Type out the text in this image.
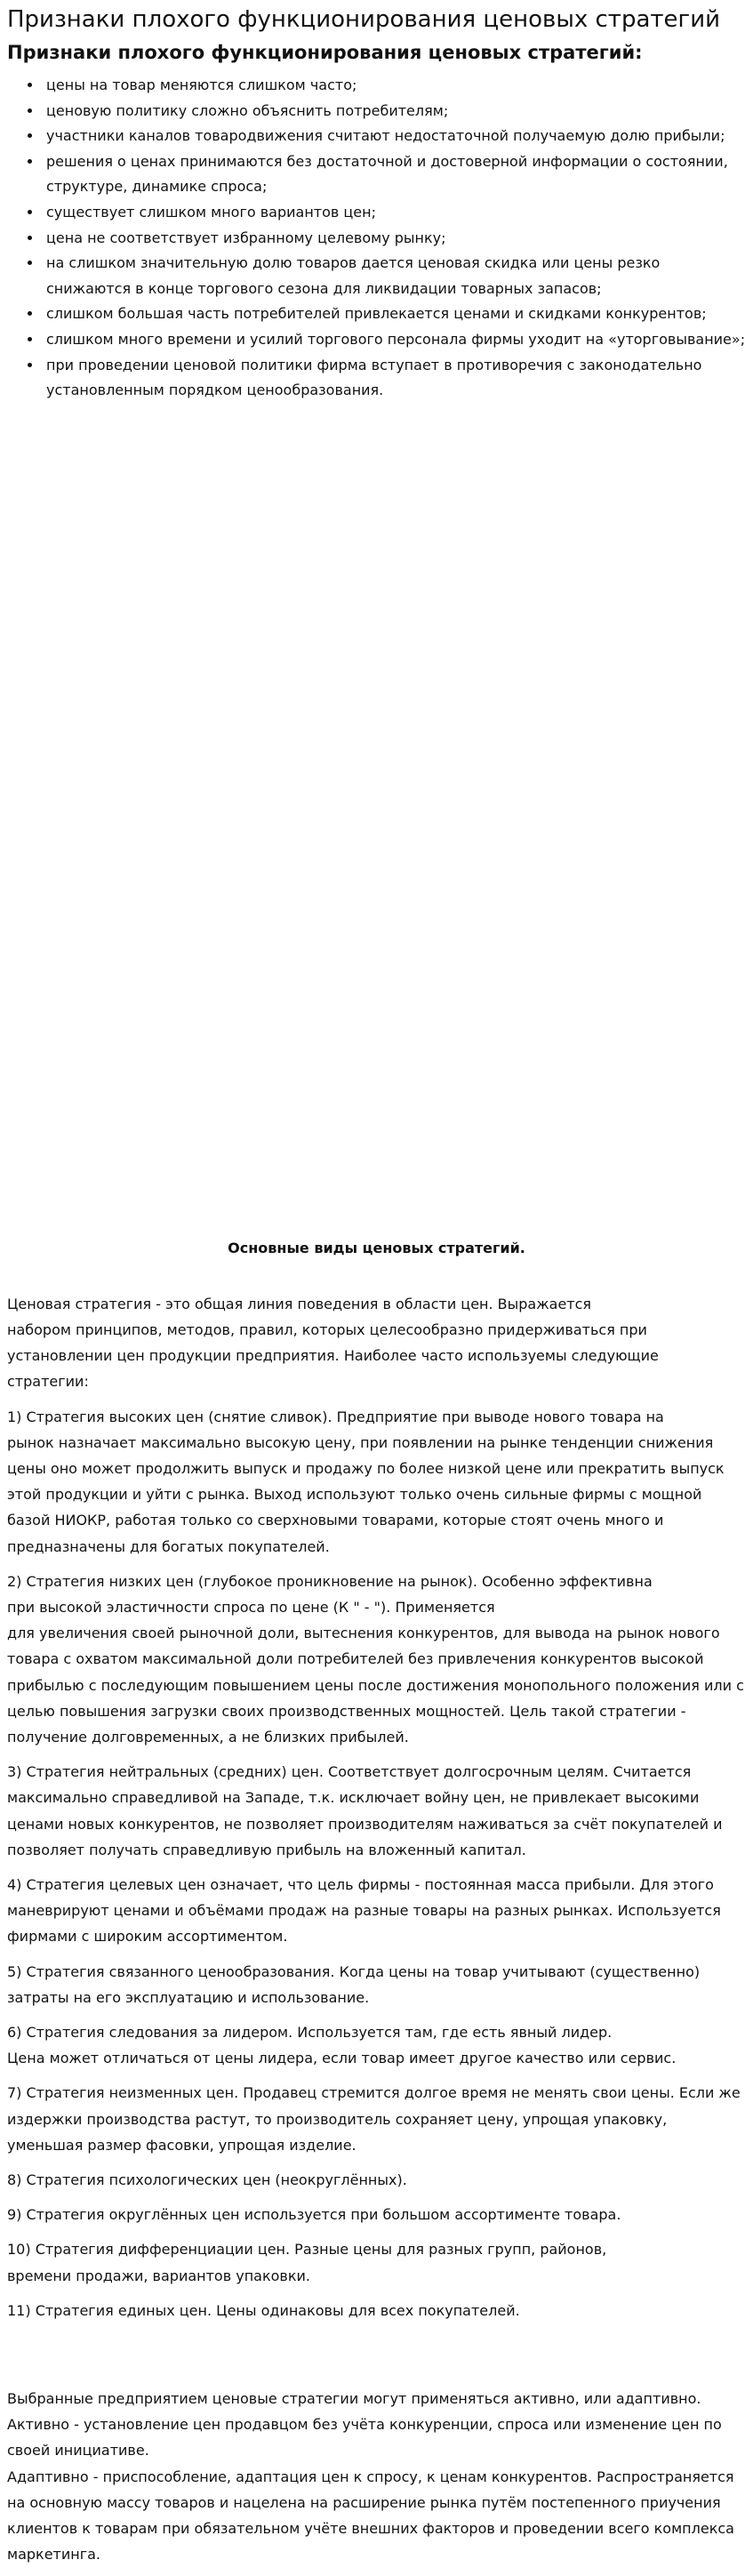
Признаки плохого функционирования ценовых стратегий
Признаки плохого функционирования ценовых стратегий:
• цены на товар меняются слишком часто;
• ценовую политику сложно объяснить потребителям;
• участники каналов товародвижения считают недостаточной получаемую долю прибыли;
• решения о ценах принимаются без достаточной и достоверной информации о состоянии, структуре, динамике спроса;
• существует слишком много вариантов цен;
• цена не соответствует избранному целевому рынку;
• на слишком значительную долю товаров дается ценовая скидка или цены резко снижаются в конце торгового сезона для ликвидации товарных запасов;
• слишком большая часть потребителей привлекается ценами и скидками конкурентов;
• слишком много времени и усилий торгового персонала фирмы уходит на «уторговывание»;
• при проведении ценовой политики фирма вступает в противоречия с законодательно установленным порядком ценообразования.
Основные виды ценовых стратегий.
Ценовая стратегия - это общая линия поведения в области цен. Выражается
набором принципов, методов, правил, которых целесообразно придерживаться при
установлении цен продукции предприятия. Наиболее часто используемы следующие
стратегии:
1) Стратегия высоких цен (снятие сливок). Предприятие при выводе нового товара на
рынок назначает максимально высокую цену, при появлении на рынке тенденции снижения
цены оно может продолжить выпуск и продажу по более низкой цене или прекратить выпуск
этой продукции и уйти с рынка. Выход используют только очень сильные фирмы с мощной
базой НИОКР, работая только со сверхновыми товарами, которые стоят очень много и
предназначены для богатых покупателей.
2) Стратегия низких цен (глубокое проникновение на рынок). Особенно эффективна
при высокой эластичности спроса по цене (К " - "). Применяется
для увеличения своей рыночной доли, вытеснения конкурентов, для вывода на рынок нового
товара с охватом максимальной доли потребителей без привлечения конкурентов высокой
прибылью с последующим повышением цены после достижения монопольного положения или с
целью повышения загрузки своих производственных мощностей. Цель такой стратегии -
получение долговременных, а не близких прибылей.
3) Стратегия нейтральных (средних) цен. Соответствует долгосрочным целям. Считается
максимально справедливой на Западе, т.к. исключает войну цен, не привлекает высокими
ценами новых конкурентов, не позволяет производителям наживаться за счёт покупателей и
позволяет получать справедливую прибыль на вложенный капитал.
4) Стратегия целевых цен означает, что цель фирмы - постоянная масса прибыли. Для этого
маневрируют ценами и объёмами продаж на разные товары на разных рынках. Используется
фирмами с широким ассортиментом.
5) Стратегия связанного ценообразования. Когда цены на товар учитывают (существенно)
затраты на его эксплуатацию и использование.
6) Стратегия следования за лидером. Используется там, где есть явный лидер.
Цена может отличаться от цены лидера, если товар имеет другое качество или сервис.
7) Стратегия неизменных цен. Продавец стремится долгое время не менять свои цены. Если же
издержки производства растут, то производитель сохраняет цену, упрощая упаковку,
уменьшая размер фасовки, упрощая изделие.
8) Стратегия психологических цен (неокруглённых).
9) Стратегия округлённых цен используется при большом ассортименте товара.
10) Стратегия дифференциации цен. Разные цены для разных групп, районов,
времени продажи, вариантов упаковки.
11) Стратегия единых цен. Цены одинаковы для всех покупателей.
Выбранные предприятием ценовые стратегии могут применяться активно, или адаптивно.
Активно - установление цен продавцом без учёта конкуренции, спроса или изменение цен по
своей инициативе.
Адаптивно - приспособление, адаптация цен к спросу, к ценам конкурентов. Распространяется
на основную массу товаров и нацелена на расширение рынка путём постепенного приучения
клиентов к товарам при обязательном учёте внешних факторов и проведении всего комплекса
маркетинга.
